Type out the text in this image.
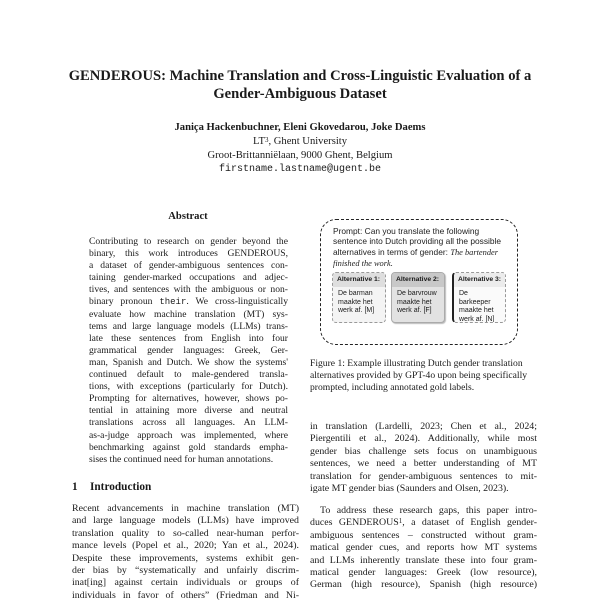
GENDEROUS: Machine Translation and Cross-Linguistic Evaluation of a
Gender-Ambiguous Dataset
Janiça Hackenbuchner, Eleni Gkovedarou, Joke Daems
$LT^3$, Ghent University
Groot-Brittanniëlaan, 9000 Ghent, Belgium
firstname.lastname@ugent.be
Abstract
Contributing to research on gender beyond the
binary, this work introduces GENDEROUS,
a dataset of gender-ambiguous sentences con-
taining gender-marked occupations and adjec-
tives, and sentences with the ambiguous or non-
binary pronoun their. We cross-linguistically
evaluate how machine translation (MT) sys-
tems and large language models (LLMs) trans-
late these sentences from English into four
grammatical gender languages: Greek, Ger-
man, Spanish and Dutch. We show the systems'
continued default to male-gendered transla-
tions, with exceptions (particularly for Dutch).
Prompting for alternatives, however, shows po-
tential in attaining more diverse and neutral
translations across all languages. An LLM-
as-a-judge approach was implemented, where
benchmarking against gold standards empha-
sises the continued need for human annotations.
1 Introduction
Recent advancements in machine translation (MT)
and large language models (LLMs) have improved
translation quality to so-called near-human perfor-
mance levels (Popel et al., 2020; Yan et al., 2024).
Despite these improvements, systems exhibit gen-
der bias by “systematically and unfairly discrim-
inat[ing] against certain individuals or groups of
individuals in favor of others” (Friedman and Ni-
Prompt: Can you translate the following sentence into Dutch providing all the possible alternatives in terms of gender: The bartender finished the work.
Alternative 1:
De barman maakte het werk af. [M]
Alternative 2:
De barvrouw maakte het werk af. [F]
Alternative 3:
De barkeeper maakte het werk af. [N]
Figure 1: Example illustrating Dutch gender translation alternatives provided by GPT-4o upon being specifically prompted, including annotated gold labels.
in translation (Lardelli, 2023; Chen et al., 2024;
Piergentili et al., 2024). Additionally, while most
gender bias challenge sets focus on unambiguous
sentences, we need a better understanding of MT
translation for gender-ambiguous sentences to mit-
igate MT gender bias (Saunders and Olsen, 2023).
To address these research gaps, this paper intro-
duces GENDEROUS$^1$, a dataset of English gender-
ambiguous sentences – constructed without gram-
matical gender cues, and reports how MT systems
and LLMs inherently translate these into four gram-
matical gender languages: Greek (low resource),
German (high resource), Spanish (high resource)
